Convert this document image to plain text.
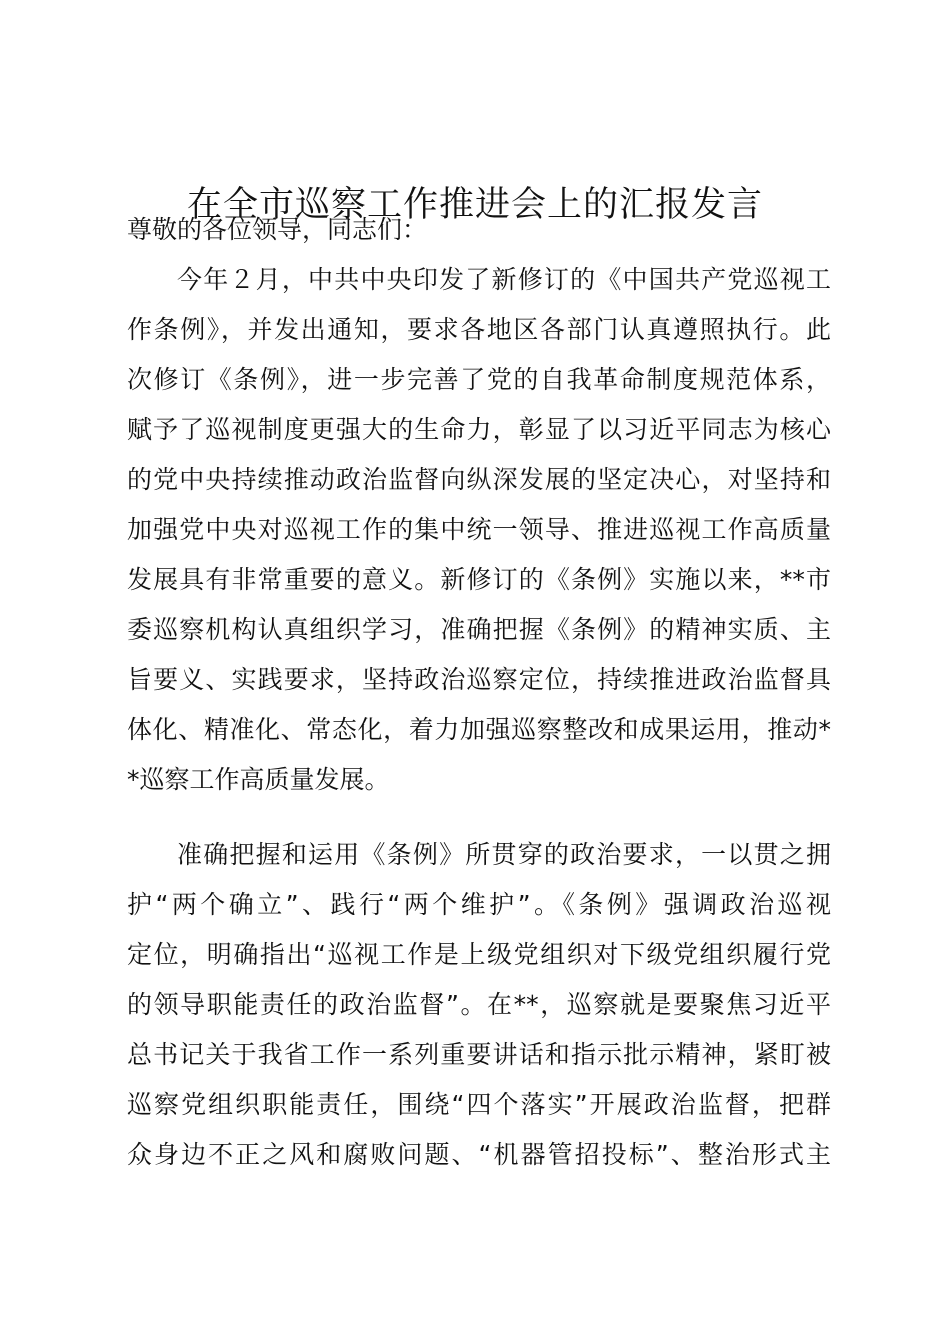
在全市巡察工作推进会上的汇报发言
尊敬的各位领导，同志们：
今年２月，中共中央印发了新修订的《中国共产党巡视工
作条例》，并发出通知，要求各地区各部门认真遵照执行。此
次修订《条例》，进一步完善了党的自我革命制度规范体系，
赋予了巡视制度更强大的生命力，彰显了以习近平同志为核心
的党中央持续推动政治监督向纵深发展的坚定决心，对坚持和
加强党中央对巡视工作的集中统一领导、推进巡视工作高质量
发展具有非常重要的意义。新修订的《条例》实施以来，**市
委巡察机构认真组织学习，准确把握《条例》的精神实质、主
旨要义、实践要求，坚持政治巡察定位，持续推进政治监督具
体化、精准化、常态化，着力加强巡察整改和成果运用，推动*
*巡察工作高质量发展。
准确把握和运用《条例》所贯穿的政治要求，一以贯之拥
护“两个确立”、践行“两个维护”。《条例》强调政治巡视
定位，明确指出“巡视工作是上级党组织对下级党组织履行党
的领导职能责任的政治监督”。在**，巡察就是要聚焦习近平
总书记关于我省工作一系列重要讲话和指示批示精神，紧盯被
巡察党组织职能责任，围绕“四个落实”开展政治监督，把群
众身边不正之风和腐败问题、“机器管招投标”、整治形式主
